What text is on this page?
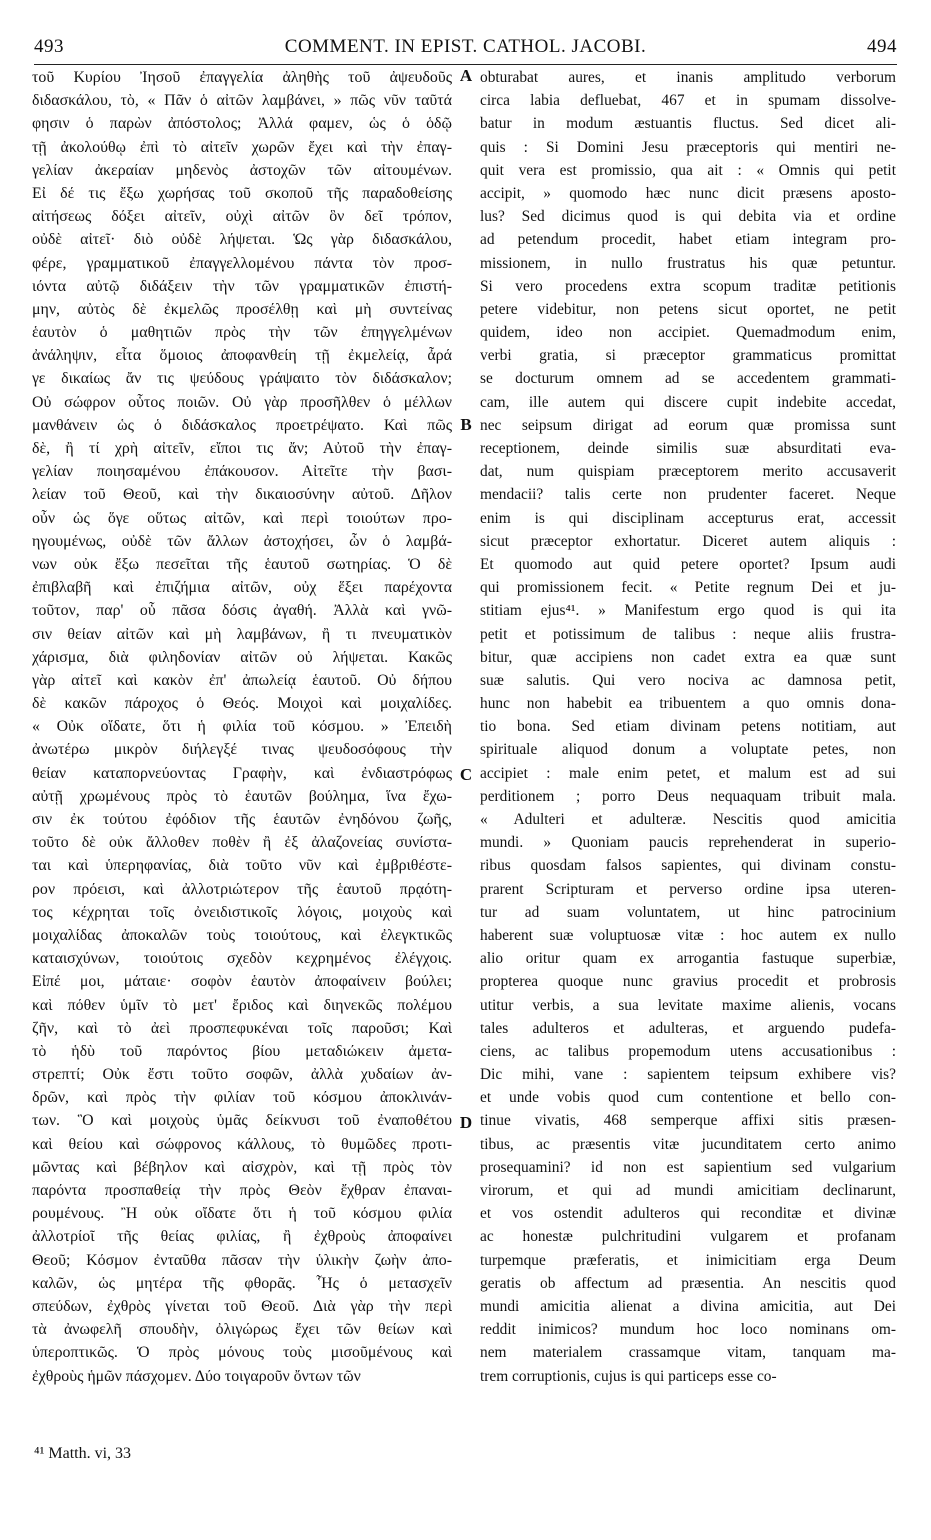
493	COMMENT. IN EPIST. CATHOL. JACOBI.	494
τοῦ Κυρίου Ἰησοῦ ἐπαγγελία ἀληθὴς τοῦ ἀψευδοῦς
διδασκάλου, τὸ, « Πᾶν ὁ αἰτῶν λαμβάνει, » πῶς νῦν ταῦτά
φησιν ὁ παρὼν ἀπόστολος; Ἀλλά φαμεν, ὡς ὁ ὁδῷ
τῇ ἀκολούθῳ ἐπὶ τὸ αἰτεῖν χωρῶν ἔχει καὶ τὴν ἐπαγ-
γελίαν ἀκεραίαν μηδενὸς ἀστοχῶν τῶν αἰτουμένων.
Εἰ δέ τις ἔξω χωρήσας τοῦ σκοποῦ τῆς παραδοθείσης
αἰτήσεως δόξει αἰτεῖν, οὐχὶ αἰτῶν ὃν δεῖ τρόπον,
οὐδὲ αἰτεῖ· διὸ οὐδὲ λήψεται. Ὡς γὰρ διδασκάλου,
φέρε, γραμματικοῦ ἐπαγγελλομένου πάντα τὸν προσ-
ιόντα αὐτῷ διδάξειν τὴν τῶν γραμματικῶν ἐπιστή-
μην, αὐτὸς δὲ ἐκμελῶς προσέλθῃ καὶ μὴ συντείνας
ἑαυτὸν ὁ μαθητιῶν πρὸς τὴν τῶν ἐπηγγελμένων
ἀνάληψιν, εἶτα ὅμοιος ἀποφανθείη τῇ ἐκμελείᾳ, ἆρά
γε δικαίως ἄν τις ψεύδους γράψαιτο τὸν διδάσκαλον;
Οὐ σώφρον οὗτος ποιῶν. Οὐ γὰρ προσῆλθεν ὁ μέλλων
μανθάνειν ὡς ὁ διδάσκαλος προετρέψατο. Καὶ πῶς
δὲ, ἢ τί χρὴ αἰτεῖν, εἴποι τις ἄν; Αὐτοῦ τὴν ἐπαγ-
γελίαν ποιησαμένου ἐπάκουσον. Αἰτεῖτε τὴν βασι-
λείαν τοῦ Θεοῦ, καὶ τὴν δικαιοσύνην αὐτοῦ. Δῆλον
οὖν ὡς ὅγε οὕτως αἰτῶν, καὶ περὶ τοιούτων προ-
ηγουμένως, οὐδὲ τῶν ἄλλων ἀστοχήσει, ὧν ὁ λαμβά-
νων οὐκ ἔξω πεσεῖται τῆς ἑαυτοῦ σωτηρίας. Ὁ δὲ
ἐπιβλαβῆ καὶ ἐπιζήμια αἰτῶν, οὐχ ἕξει παρέχοντα
τοῦτον, παρ' οὗ πᾶσα δόσις ἀγαθή. Ἀλλὰ καὶ γνῶ-
σιν θείαν αἰτῶν καὶ μὴ λαμβάνων, ἢ τι πνευματικὸν
χάρισμα, διὰ φιληδονίαν αἰτῶν οὐ λήψεται. Κακῶς
γὰρ αἰτεῖ καὶ κακὸν ἐπ' ἀπωλείᾳ ἑαυτοῦ. Οὐ δήπου
δὲ κακῶν πάροχος ὁ Θεός. Μοιχοὶ καὶ μοιχαλίδες.
« Οὐκ οἴδατε, ὅτι ἡ φιλία τοῦ κόσμου. » Ἐπειδὴ
ἀνωτέρω μικρὸν διήλεγξέ τινας ψευδοσόφους τὴν
θείαν καταπορνεύοντας Γραφὴν, καὶ ἐνδιαστρόφως
αὐτῇ χρωμένους πρὸς τὸ ἑαυτῶν βούλημα, ἵνα ἔχω-
σιν ἐκ τούτου ἐφόδιον τῆς ἑαυτῶν ἐνηδόνου ζωῆς,
τοῦτο δὲ οὐκ ἄλλοθεν ποθὲν ἢ ἐξ ἀλαζονείας συνίστα-
ται καὶ ὑπερηφανίας, διὰ τοῦτο νῦν καὶ ἐμβριθέστε-
ρον πρόεισι, καὶ ἀλλοτριώτερον τῆς ἑαυτοῦ πρᾳότη-
τος κέχρηται τοῖς ὀνειδιστικοῖς λόγοις, μοιχοὺς καὶ
μοιχαλίδας ἀποκαλῶν τοὺς τοιούτους, καὶ ἐλεγκτικῶς
καταισχύνων, τοιούτοις σχεδὸν κεχρημένος ἐλέγχοις.
Εἰπέ μοι, μάταιε· σοφὸν ἑαυτὸν ἀποφαίνειν βούλει;
καὶ πόθεν ὑμῖν τὸ μετ' ἔριδος καὶ διηνεκῶς πολέμου
ζῆν, καὶ τὸ ἀεὶ προσπεφυκέναι τοῖς παροῦσι; Καὶ
τὸ ἡδὺ τοῦ παρόντος βίου μεταδιώκειν ἀμετα-
στρεπτί; Οὐκ ἔστι τοῦτο σοφῶν, ἀλλὰ χυδαίων ἀν-
δρῶν, καὶ πρὸς τὴν φιλίαν τοῦ κόσμου ἀποκλινάν-
των. Ὃ καὶ μοιχοὺς ὑμᾶς δείκνυσι τοῦ ἐναποθέτου
καὶ θείου καὶ σώφρονος κάλλους, τὸ θυμῶδες προτι-
μῶντας καὶ βέβηλον καὶ αἰσχρὸν, καὶ τῇ πρὸς τὸν
παρόντα προσπαθείᾳ τὴν πρὸς Θεὸν ἔχθραν ἐπαναι-
ρουμένους. Ἢ οὐκ οἴδατε ὅτι ἡ τοῦ κόσμου φιλία
ἀλλοτρίοῖ τῆς θείας φιλίας, ἢ ἐχθροὺς ἀποφαίνει
Θεοῦ; Κόσμον ἐνταῦθα πᾶσαν τὴν ὑλικὴν ζωὴν ἀπο-
καλῶν, ὡς μητέρα τῆς φθορᾶς. Ἧς ὁ μετασχεῖν
σπεύδων, ἐχθρὸς γίνεται τοῦ Θεοῦ. Διὰ γὰρ τὴν περὶ
τὰ ἀνωφελῆ σπουδὴν, ὀλιγώρως ἔχει τῶν θείων καὶ
ὑπεροπτικῶς. Ὁ πρὸς μόνους τοὺς μισοῦμένους καὶ
ἐχθροὺς ἡμῶν πάσχομεν. Δύο τοιγαροῦν ὄντων τῶν
obturabat aures, et inanis amplitudo verborum
circa labia defluebat, 467 et in spumam dissolve-
batur in modum æstuantis fluctus. Sed dicet ali-
quis : Si Domini Jesu præceptoris qui mentiri ne-
quit vera est promissio, qua ait : « Omnis qui petit
accipit, » quomodo hæc nunc dicit præsens aposto-
lus? Sed dicimus quod is qui debita via et ordine
ad petendum procedit, habet etiam integram pro-
missionem, in nullo frustratus his quæ petuntur.
Si vero procedens extra scopum traditæ petitionis
petere videbitur, non petens sicut oportet, ne petit
quidem, ideo non accipiet. Quemadmodum enim,
verbi gratia, si præceptor grammaticus promittat
se docturum omnem ad se accedentem grammati-
cam, ille autem qui discere cupit indebite accedat,
nec seipsum dirigat ad eorum quæ promissa sunt
receptionem, deinde similis suæ absurditati eva-
dat, num quispiam præceptorem merito accusaverit
mendacii? talis certe non prudenter faceret. Neque
enim is qui disciplinam accepturus erat, accessit
sicut præceptor exhortatur. Diceret autem aliquis :
Et quomodo aut quid petere oportet? Ipsum audi
qui promissionem fecit. « Petite regnum Dei et ju-
stitiam ejus⁴¹. » Manifestum ergo quod is qui ita
petit et potissimum de talibus : neque aliis frustra-
bitur, quæ accipiens non cadet extra ea quæ sunt
suæ salutis. Qui vero nociva ac damnosa petit,
hunc non habebit ea tribuentem a quo omnis dona-
tio bona. Sed etiam divinam petens notitiam, aut
spirituale aliquod donum a voluptate petes, non
accipiet : male enim petet, et malum est ad sui
perditionem ; porro Deus nequaquam tribuit mala.
« Adulteri et adulteræ. Nescitis quod amicitia
mundi. » Quoniam paucis reprehenderat in superio-
ribus quosdam falsos sapientes, qui divinam constu-
prarent Scripturam et perverso ordine ipsa uteren-
tur ad suam voluntatem, ut hinc patrocinium
haberent suæ voluptuosæ vitæ : hoc autem ex nullo
alio oritur quam ex arrogantia fastuque superbiæ,
propterea quoque nunc gravius procedit et probrosis
utitur verbis, a sua levitate maxime alienis, vocans
tales adulteros et adulteras, et arguendo pudefa-
ciens, ac talibus propemodum utens accusationibus :
Dic mihi, vane : sapientem teipsum exhibere vis?
et unde vobis quod cum contentione et bello con-
tinue vivatis, 468 semperque affixi sitis præsen-
tibus, ac præsentis vitæ jucunditatem certo animo
prosequamini? id non est sapientium sed vulgarium
virorum, et qui ad mundi amicitiam declinarunt,
et vos ostendit adulteros qui reconditæ et divinæ
ac honestæ pulchritudini vulgarem et profanam
turpemque præferatis, et inimicitiam erga Deum
geratis ob affectum ad præsentia. An nescitis quod
mundi amicitia alienat a divina amicitia, aut Dei
reddit inimicos? mundum hoc loco nominans om-
nem materialem crassamque vitam, tanquam ma-
trem corruptionis, cujus is qui particeps esse co-
A
B
C
D
⁴¹ Matth. vi, 33
